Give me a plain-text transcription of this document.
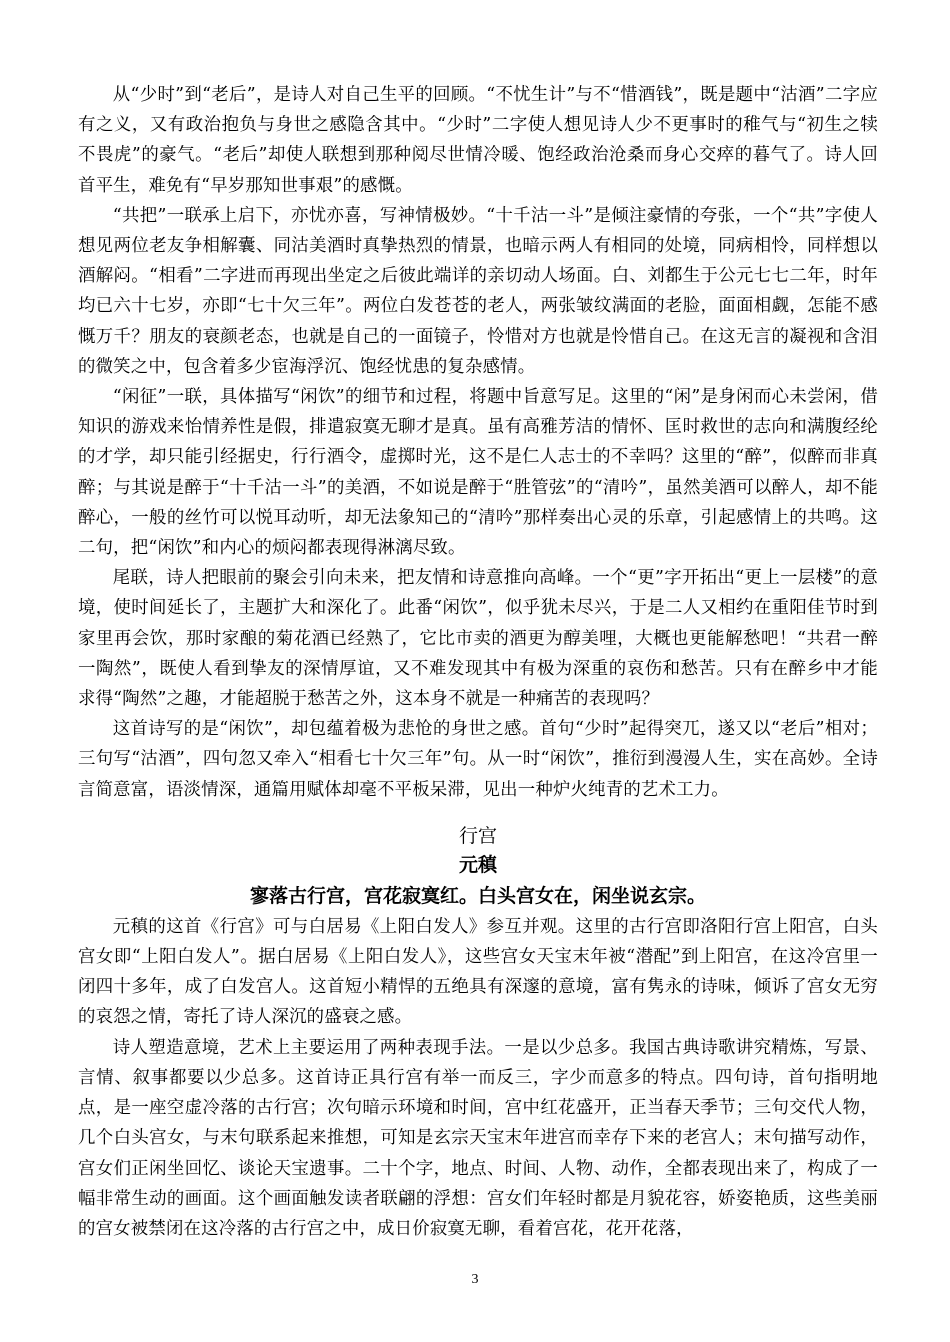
从“少时”到“老后”，是诗人对自己生平的回顾。“不忧生计”与不“惜酒钱”，既是题中“沽酒”二字应有之义，又有政治抱负与身世之感隐含其中。“少时”二字使人想见诗人少不更事时的稚气与“初生之犊不畏虎”的豪气。“老后”却使人联想到那种阅尽世情冷暖、饱经政治沧桑而身心交瘁的暮气了。诗人回首平生，难免有“早岁那知世事艰”的感慨。

“共把”一联承上启下，亦忧亦喜，写神情极妙。“十千沽一斗”是倾注豪情的夸张，一个“共”字使人想见两位老友争相解囊、同沽美酒时真挚热烈的情景，也暗示两人有相同的处境，同病相怜，同样想以酒解闷。“相看”二字进而再现出坐定之后彼此端详的亲切动人场面。白、刘都生于公元七七二年，时年均已六十七岁，亦即“七十欠三年”。两位白发苍苍的老人，两张皱纹满面的老脸，面面相觑，怎能不感慨万千？朋友的衰颜老态，也就是自己的一面镜子，怜惜对方也就是怜惜自己。在这无言的凝视和含泪的微笑之中，包含着多少宦海浮沉、饱经忧患的复杂感情。

“闲征”一联，具体描写“闲饮”的细节和过程，将题中旨意写足。这里的“闲”是身闲而心未尝闲，借知识的游戏来怡情养性是假，排遣寂寞无聊才是真。虽有高雅芳洁的情怀、匡时救世的志向和满腹经纶的才学，却只能引经据史，行行酒令，虚掷时光，这不是仁人志士的不幸吗？这里的“醉”，似醉而非真醉；与其说是醉于“十千沽一斗”的美酒，不如说是醉于“胜管弦”的“清吟”，虽然美酒可以醉人，却不能醉心，一般的丝竹可以悦耳动听，却无法象知己的“清吟”那样奏出心灵的乐章，引起感情上的共鸣。这二句，把“闲饮”和内心的烦闷都表现得淋漓尽致。

尾联，诗人把眼前的聚会引向未来，把友情和诗意推向高峰。一个“更”字开拓出“更上一层楼”的意境，使时间延长了，主题扩大和深化了。此番“闲饮”，似乎犹未尽兴，于是二人又相约在重阳佳节时到家里再会饮，那时家酿的菊花酒已经熟了，它比市卖的酒更为醇美哩，大概也更能解愁吧！“共君一醉一陶然”，既使人看到挚友的深情厚谊，又不难发现其中有极为深重的哀伤和愁苦。只有在醉乡中才能求得“陶然”之趣，才能超脱于愁苦之外，这本身不就是一种痛苦的表现吗？

这首诗写的是“闲饮”，却包蕴着极为悲怆的身世之感。首句“少时”起得突兀，遂又以“老后”相对；三句写“沽酒”，四句忽又牵入“相看七十欠三年”句。从一时“闲饮”，推衍到漫漫人生，实在高妙。全诗言简意富，语淡情深，通篇用赋体却毫不平板呆滞，见出一种炉火纯青的艺术工力。

行宫

元稹

寥落古行宫，宫花寂寞红。白头宫女在，闲坐说玄宗。

元稹的这首《行宫》可与白居易《上阳白发人》参互并观。这里的古行宫即洛阳行宫上阳宫，白头宫女即“上阳白发人”。据白居易《上阳白发人》，这些宫女天宝末年被“潜配”到上阳宫，在这冷宫里一闭四十多年，成了白发宫人。这首短小精悍的五绝具有深邃的意境，富有隽永的诗味，倾诉了宫女无穷的哀怨之情，寄托了诗人深沉的盛衰之感。

诗人塑造意境，艺术上主要运用了两种表现手法。一是以少总多。我国古典诗歌讲究精炼，写景、言情、叙事都要以少总多。这首诗正具行宫有举一而反三，字少而意多的特点。四句诗，首句指明地点，是一座空虚冷落的古行宫；次句暗示环境和时间，宫中红花盛开，正当春天季节；三句交代人物，几个白头宫女，与末句联系起来推想，可知是玄宗天宝末年进宫而幸存下来的老宫人；末句描写动作，宫女们正闲坐回忆、谈论天宝遗事。二十个字，地点、时间、人物、动作，全都表现出来了，构成了一幅非常生动的画面。这个画面触发读者联翩的浮想：宫女们年轻时都是月貌花容，娇姿艳质，这些美丽的宫女被禁闭在这冷落的古行宫之中，成日价寂寞无聊，看着宫花，花开花落，

3
